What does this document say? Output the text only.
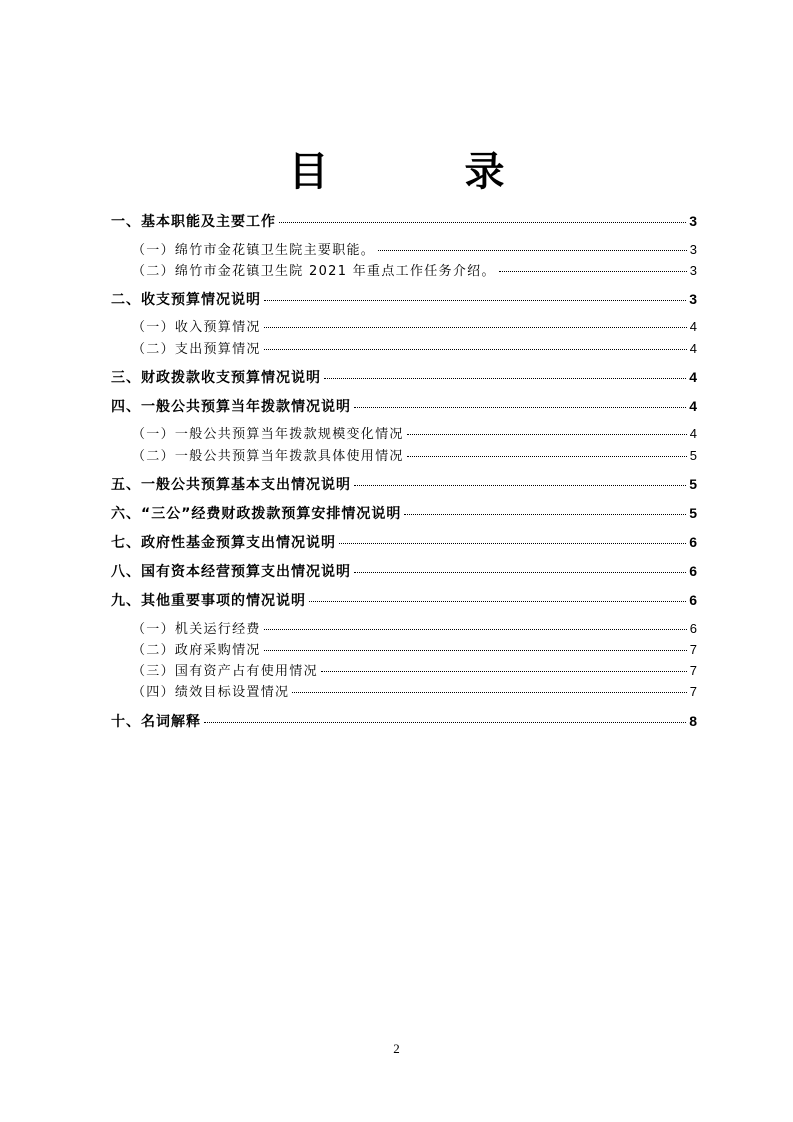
目　录
一、基本职能及主要工作	3
（一）绵竹市金花镇卫生院主要职能。	3
（二）绵竹市金花镇卫生院 2021 年重点工作任务介绍。	3
二、收支预算情况说明	3
（一）收入预算情况	4
（二）支出预算情况	4
三、财政拨款收支预算情况说明	4
四、一般公共预算当年拨款情况说明	4
（一）一般公共预算当年拨款规模变化情况	4
（二）一般公共预算当年拨款具体使用情况	5
五、一般公共预算基本支出情况说明	5
六、“三公”经费财政拨款预算安排情况说明	5
七、政府性基金预算支出情况说明	6
八、国有资本经营预算支出情况说明	6
九、其他重要事项的情况说明	6
（一）机关运行经费	6
（二）政府采购情况	7
（三）国有资产占有使用情况	7
（四）绩效目标设置情况	7
十、名词解释	8
2
